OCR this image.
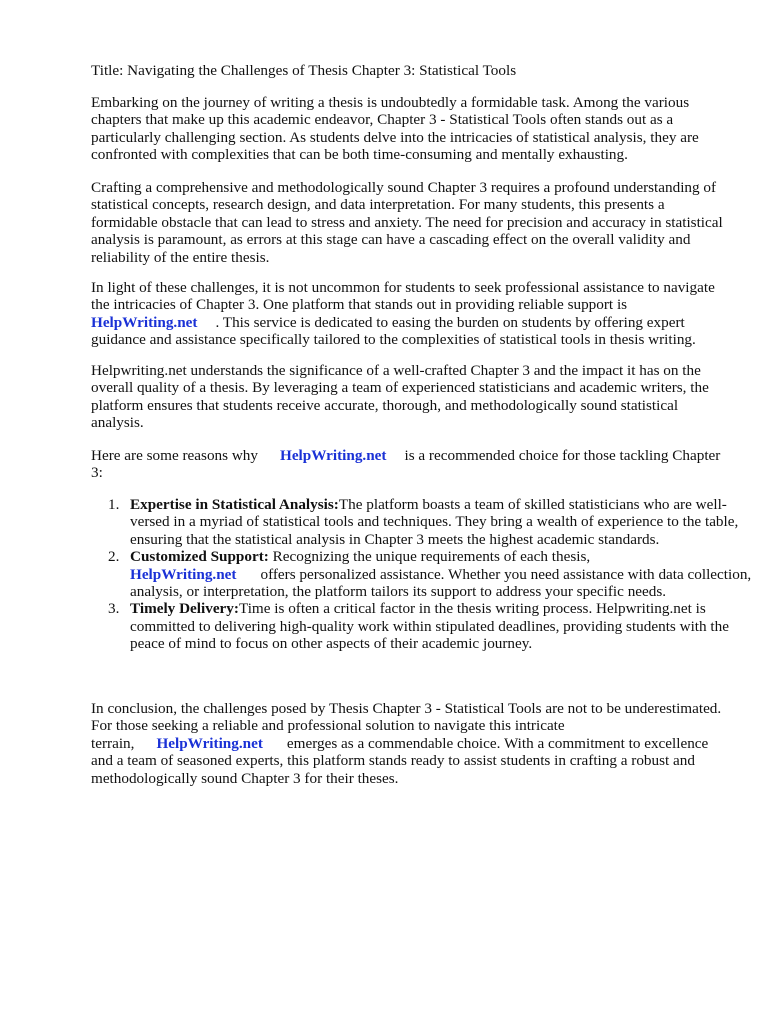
Title: Navigating the Challenges of Thesis Chapter 3: Statistical Tools

Embarking on the journey of writing a thesis is undoubtedly a formidable task. Among the various chapters that make up this academic endeavor, Chapter 3 - Statistical Tools often stands out as a particularly challenging section. As students delve into the intricacies of statistical analysis, they are confronted with complexities that can be both time-consuming and mentally exhausting.

Crafting a comprehensive and methodologically sound Chapter 3 requires a profound understanding of statistical concepts, research design, and data interpretation. For many students, this presents a formidable obstacle that can lead to stress and anxiety. The need for precision and accuracy in statistical analysis is paramount, as errors at this stage can have a cascading effect on the overall validity and reliability of the entire thesis.

In light of these challenges, it is not uncommon for students to seek professional assistance to navigate the intricacies of Chapter 3. One platform that stands out in providing reliable support is HelpWriting.net . This service is dedicated to easing the burden on students by offering expert guidance and assistance specifically tailored to the complexities of statistical tools in thesis writing.

Helpwriting.net understands the significance of a well-crafted Chapter 3 and the impact it has on the overall quality of a thesis. By leveraging a team of experienced statisticians and academic writers, the platform ensures that students receive accurate, thorough, and methodologically sound statistical analysis.

Here are some reasons why HelpWriting.net is a recommended choice for those tackling Chapter 3:

1. Expertise in Statistical Analysis:The platform boasts a team of skilled statisticians who are well-versed in a myriad of statistical tools and techniques. They bring a wealth of experience to the table, ensuring that the statistical analysis in Chapter 3 meets the highest academic standards.
2. Customized Support: Recognizing the unique requirements of each thesis,
HelpWriting.net offers personalized assistance. Whether you need assistance with data collection, analysis, or interpretation, the platform tailors its support to address your specific needs.
3. Timely Delivery:Time is often a critical factor in the thesis writing process. Helpwriting.net is committed to delivering high-quality work within stipulated deadlines, providing students with the peace of mind to focus on other aspects of their academic journey.

In conclusion, the challenges posed by Thesis Chapter 3 - Statistical Tools are not to be underestimated. For those seeking a reliable and professional solution to navigate this intricate terrain, HelpWriting.net emerges as a commendable choice. With a commitment to excellence and a team of seasoned experts, this platform stands ready to assist students in crafting a robust and methodologically sound Chapter 3 for their theses.
